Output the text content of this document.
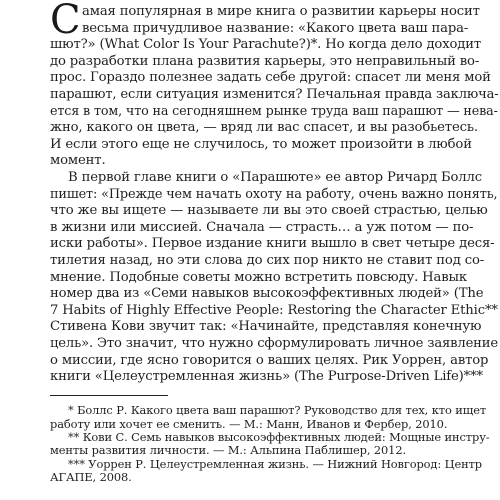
С амая популярная в мире книга о развитии карьеры носит
весьма причудливое название: «Какого цвета ваш пара-
шют?» (What Color Is Your Parachute?)*. Но когда дело доходит
до разработки плана развития карьеры, это неправильный во-
прос. Гораздо полезнее задать себе другой: спасет ли меня мой
парашют, если ситуация изменится? Печальная правда заключа-
ется в том, что на сегодняшнем рынке труда ваш парашют — нева-
жно, какого он цвета, — вряд ли вас спасет, и вы разобьетесь.
И если этого еще не случилось, то может произойти в любой
момент.
В первой главе книги о «Парашюте» ее автор Ричард Боллс
пишет: «Прежде чем начать охоту на работу, очень важно понять,
что же вы ищете — называете ли вы это своей страстью, целью
в жизни или миссией. Сначала — страсть… а уж потом — по-
иски работы». Первое издание книги вышло в свет четыре деся-
тилетия назад, но эти слова до сих пор никто не ставит под со-
мнение. Подобные советы можно встретить повсюду. Навык
номер два из «Семи навыков высокоэффективных людей» (The
7 Habits of Highly Effective People: Restoring the Character Ethic**
Стивена Кови звучит так: «Начинайте, представляя конечную
цель». Это значит, что нужно сформулировать личное заявление
о миссии, где ясно говорится о ваших целях. Рик Уоррен, автор
книги «Целеустремленная жизнь» (The Purpose-Driven Life)***
* Боллс Р. Какого цвета ваш парашют? Руководство для тех, кто ищет
работу или хочет ее сменить. — М.: Манн, Иванов и Фербер, 2010.
** Кови С. Семь навыков высокоэффективных людей: Мощные инстру-
менты развития личности. — М.: Альпина Паблишер, 2012.
*** Уоррен Р. Целеустремленная жизнь. — Нижний Новгород: Центр
АГАПЕ, 2008.
